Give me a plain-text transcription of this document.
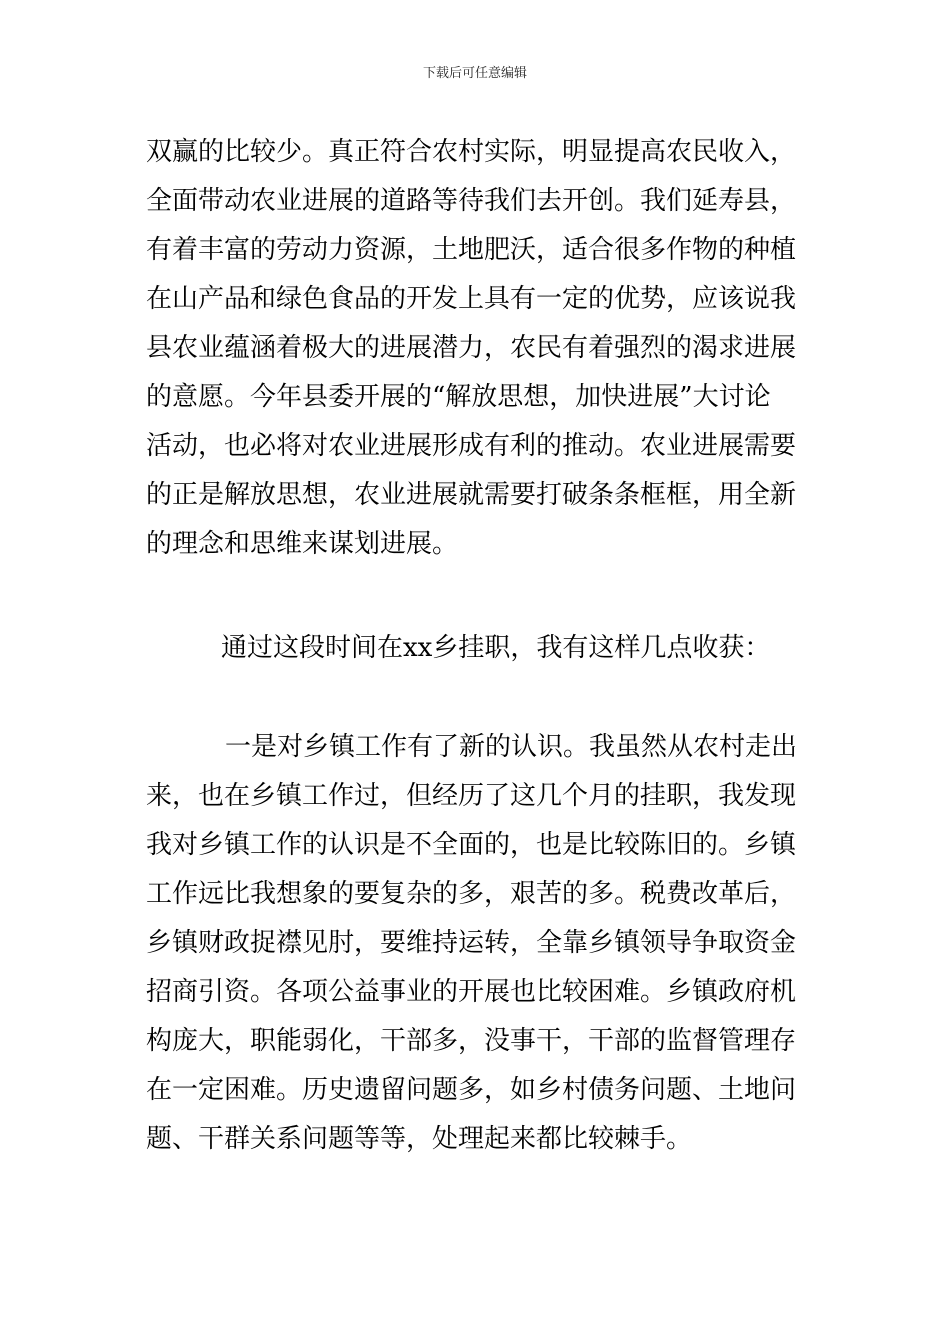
下载后可任意编辑
双赢的比较少。真正符合农村实际，明显提高农民收入，
全面带动农业进展的道路等待我们去开创。我们延寿县，
有着丰富的劳动力资源，土地肥沃，适合很多作物的种植
在山产品和绿色食品的开发上具有一定的优势，应该说我
县农业蕴涵着极大的进展潜力，农民有着强烈的渴求进展
的意愿。今年县委开展的“解放思想，加快进展”大讨论
活动，也必将对农业进展形成有利的推动。农业进展需要
的正是解放思想，农业进展就需要打破条条框框，用全新
的理念和思维来谋划进展。
通过这段时间在xx乡挂职，我有这样几点收获：
一是对乡镇工作有了新的认识。我虽然从农村走出
来，也在乡镇工作过，但经历了这几个月的挂职，我发现
我对乡镇工作的认识是不全面的，也是比较陈旧的。乡镇
工作远比我想象的要复杂的多，艰苦的多。税费改革后，
乡镇财政捉襟见肘，要维持运转，全靠乡镇领导争取资金
招商引资。各项公益事业的开展也比较困难。乡镇政府机
构庞大，职能弱化，干部多，没事干，干部的监督管理存
在一定困难。历史遗留问题多，如乡村债务问题、土地问
题、干群关系问题等等，处理起来都比较棘手。
